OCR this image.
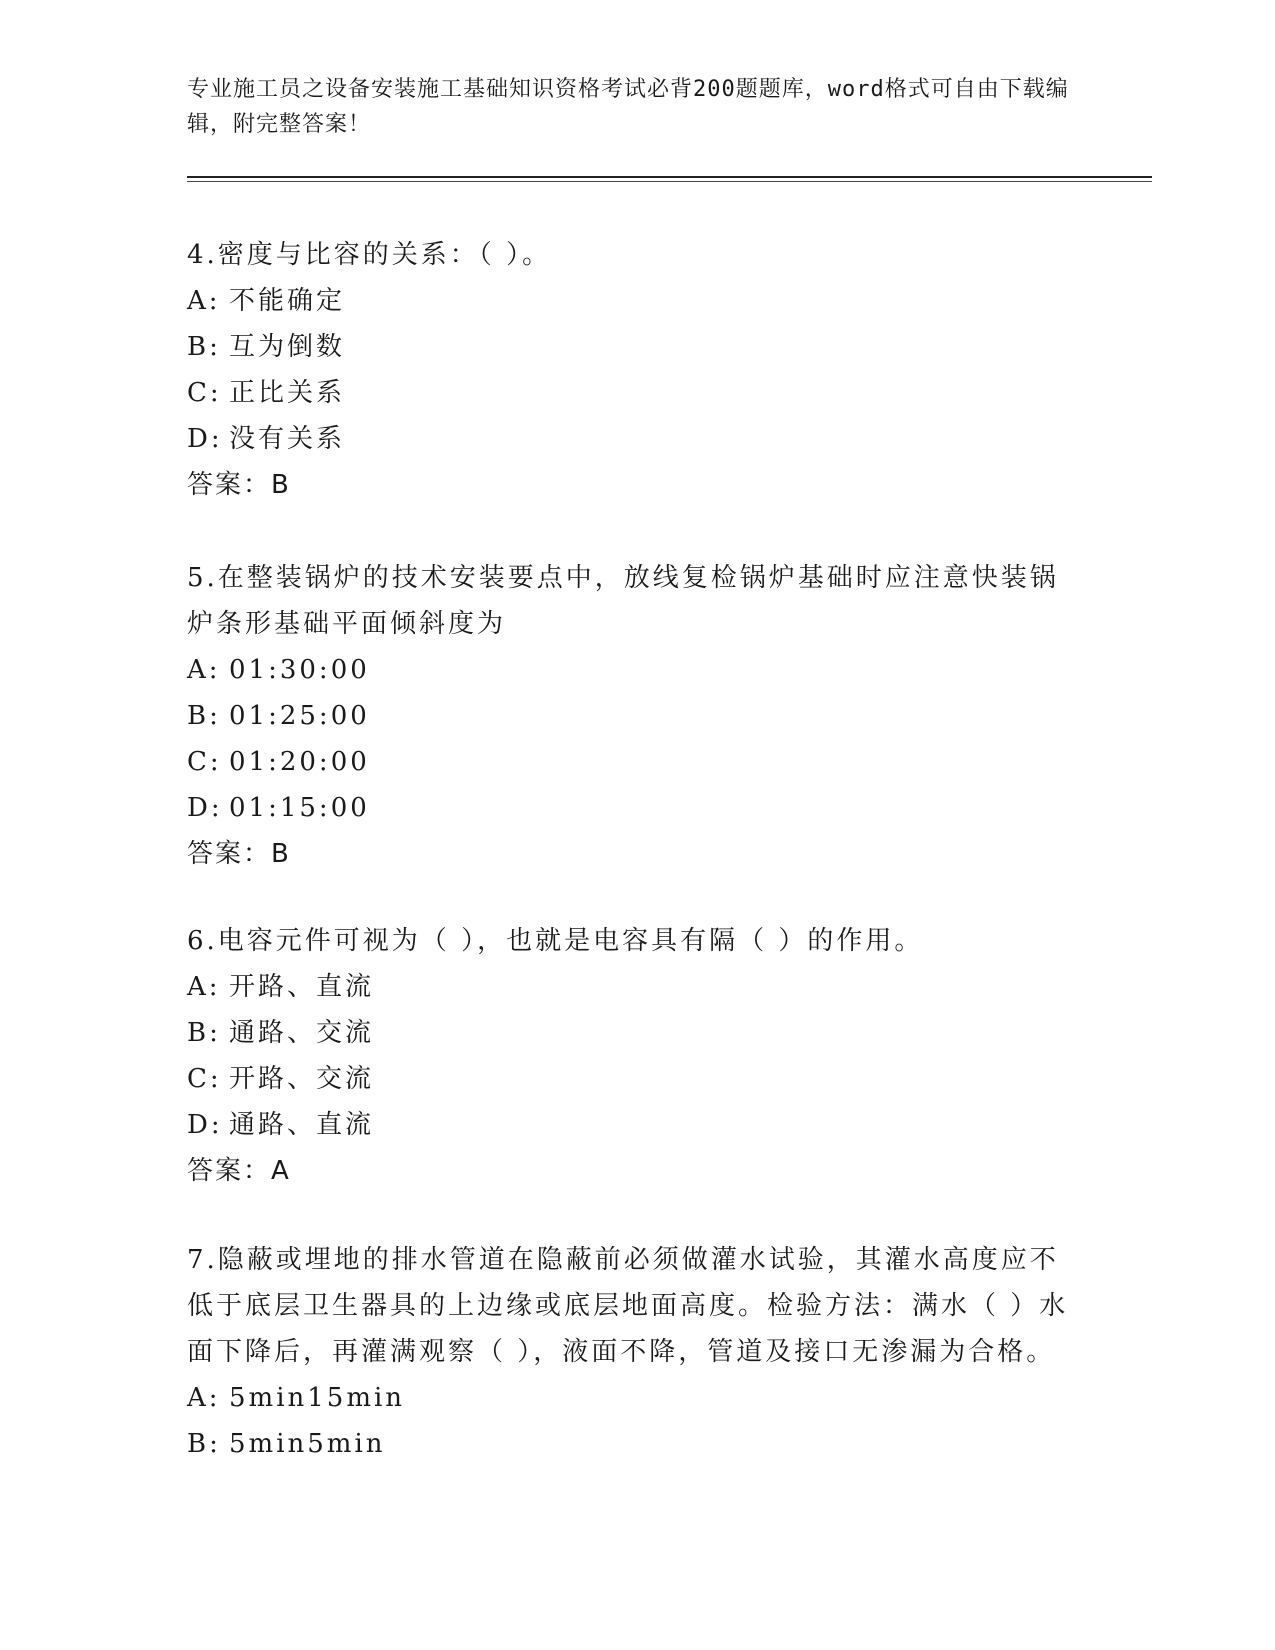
专业施工员之设备安装施工基础知识资格考试必背200题题库，word格式可自由下载编辑，附完整答案！
4.密度与比容的关系：（ ）。
A: 不能确定
B: 互为倒数
C: 正比关系
D: 没有关系
答案：B
5.在整装锅炉的技术安装要点中，放线复检锅炉基础时应注意快装锅炉条形基础平面倾斜度为
A: 01:30:00
B: 01:25:00
C: 01:20:00
D: 01:15:00
答案：B
6.电容元件可视为（ ），也就是电容具有隔（ ）的作用。
A: 开路、直流
B: 通路、交流
C: 开路、交流
D: 通路、直流
答案：A
7.隐蔽或埋地的排水管道在隐蔽前必须做灌水试验，其灌水高度应不低于底层卫生器具的上边缘或底层地面高度。检验方法：满水（ ）水面下降后，再灌满观察（ ），液面不降，管道及接口无渗漏为合格。
A: 5min15min
B: 5min5min
